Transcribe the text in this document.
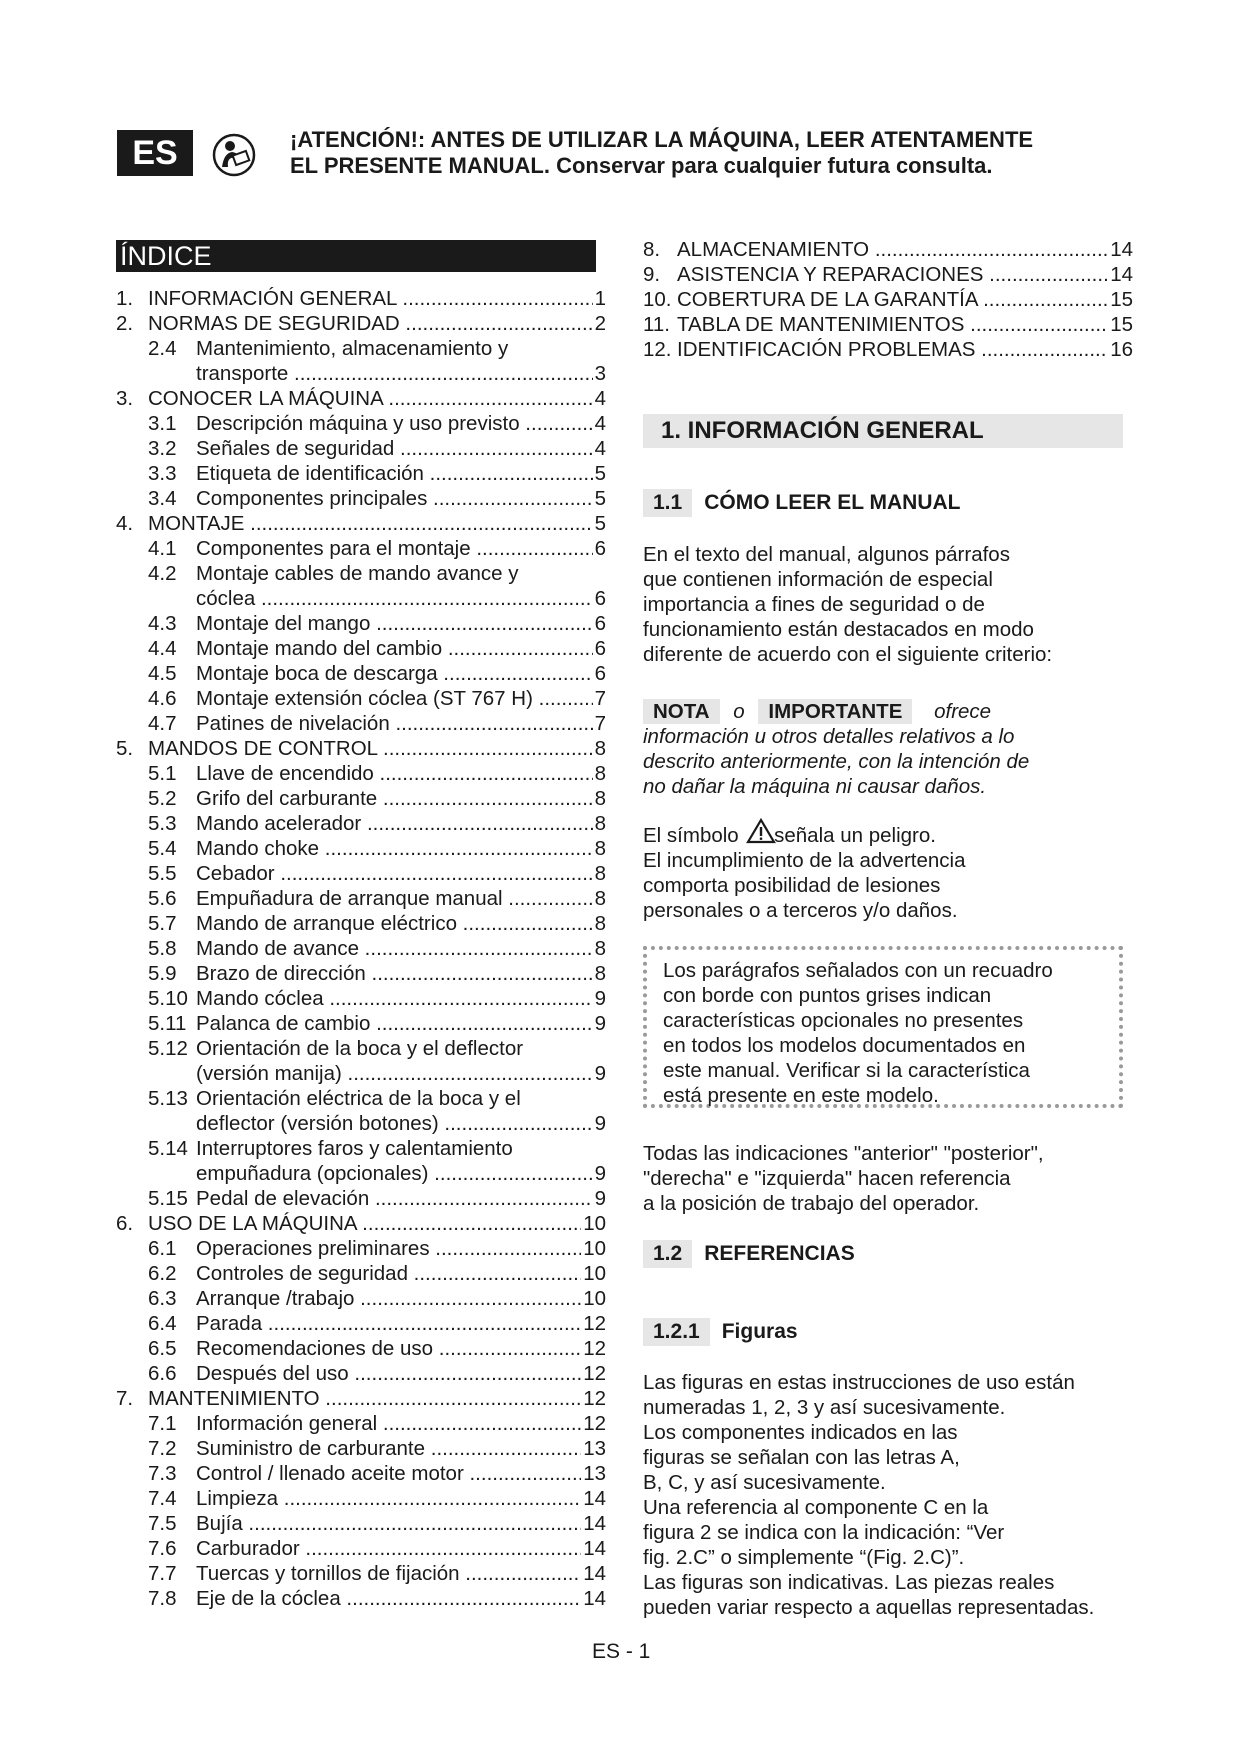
ES	¡ATENCIÓN!: ANTES DE UTILIZAR LA MÁQUINA, LEER ATENTAMENTE
EL PRESENTE MANUAL. Conservar para cualquier futura consulta.
ÍNDICE
1. INFORMACIÓN GENERAL .....	1
2. NORMAS DE SEGURIDAD .....	2
2.4 Mantenimiento, almacenamiento y
transporte .....	3
3. CONOCER LA MÁQUINA .....	4
3.1 Descripción máquina y uso previsto .....	4
3.2 Señales de seguridad .....	4
3.3 Etiqueta de identificación .....	5
3.4 Componentes principales .....	5
4. MONTAJE .....	5
4.1 Componentes para el montaje .....	6
4.2 Montaje cables de mando avance y
cóclea .....	6
4.3 Montaje del mango .....	6
4.4 Montaje mando del cambio .....	6
4.5 Montaje boca de descarga .....	6
4.6 Montaje extensión cóclea (ST 767 H) .....	7
4.7 Patines de nivelación .....	7
5. MANDOS DE CONTROL .....	8
5.1 Llave de encendido .....	8
5.2 Grifo del carburante .....	8
5.3 Mando acelerador .....	8
5.4 Mando choke .....	8
5.5 Cebador .....	8
5.6 Empuñadura de arranque manual .....	8
5.7 Mando de arranque eléctrico .....	8
5.8 Mando de avance .....	8
5.9 Brazo de dirección .....	8
5.10 Mando cóclea .....	9
5.11 Palanca de cambio .....	9
5.12 Orientación de la boca y el deflector
(versión manija) .....	9
5.13 Orientación eléctrica de la boca y el
deflector (versión botones) .....	9
5.14 Interruptores faros y calentamiento
empuñadura (opcionales) .....	9
5.15 Pedal de elevación .....	9
6. USO DE LA MÁQUINA .....	10
6.1 Operaciones preliminares .....	10
6.2 Controles de seguridad .....	10
6.3 Arranque /trabajo .....	10
6.4 Parada .....	12
6.5 Recomendaciones de uso .....	12
6.6 Después del uso .....	12
7. MANTENIMIENTO .....	12
7.1 Información general .....	12
7.2 Suministro de carburante .....	13
7.3 Control / llenado aceite motor .....	13
7.4 Limpieza .....	14
7.5 Bujía .....	14
7.6 Carburador .....	14
7.7 Tuercas y tornillos de fijación .....	14
7.8 Eje de la cóclea .....	14
8. ALMACENAMIENTO .....	14
9. ASISTENCIA Y REPARACIONES .....	14
10. COBERTURA DE LA GARANTÍA .....	15
11. TABLA DE MANTENIMIENTOS .....	15
12. IDENTIFICACIÓN PROBLEMAS .....	16
1. INFORMACIÓN GENERAL
1.1 CÓMO LEER EL MANUAL
En el texto del manual, algunos párrafos
que contienen información de especial
importancia a fines de seguridad o de
funcionamiento están destacados en modo
diferente de acuerdo con el siguiente criterio:
NOTA o IMPORTANTE ofrece
información u otros detalles relativos a lo
descrito anteriormente, con la intención de
no dañar la máquina ni causar daños.
El símbolo señala un peligro.
El incumplimiento de la advertencia
comporta posibilidad de lesiones
personales o a terceros y/o daños.
Los parágrafos señalados con un recuadro
con borde con puntos grises indican
características opcionales no presentes
en todos los modelos documentados en
este manual. Verificar si la característica
está presente en este modelo.
Todas las indicaciones "anterior" "posterior",
"derecha" e "izquierda" hacen referencia
a la posición de trabajo del operador.
1.2 REFERENCIAS
1.2.1 Figuras
Las figuras en estas instrucciones de uso están
numeradas 1, 2, 3 y así sucesivamente.
Los componentes indicados en las
figuras se señalan con las letras A,
B, C, y así sucesivamente.
Una referencia al componente C en la
figura 2 se indica con la indicación: “Ver
fig. 2.C” o simplemente “(Fig. 2.C)”.
Las figuras son indicativas. Las piezas reales
pueden variar respecto a aquellas representadas.
ES - 1
